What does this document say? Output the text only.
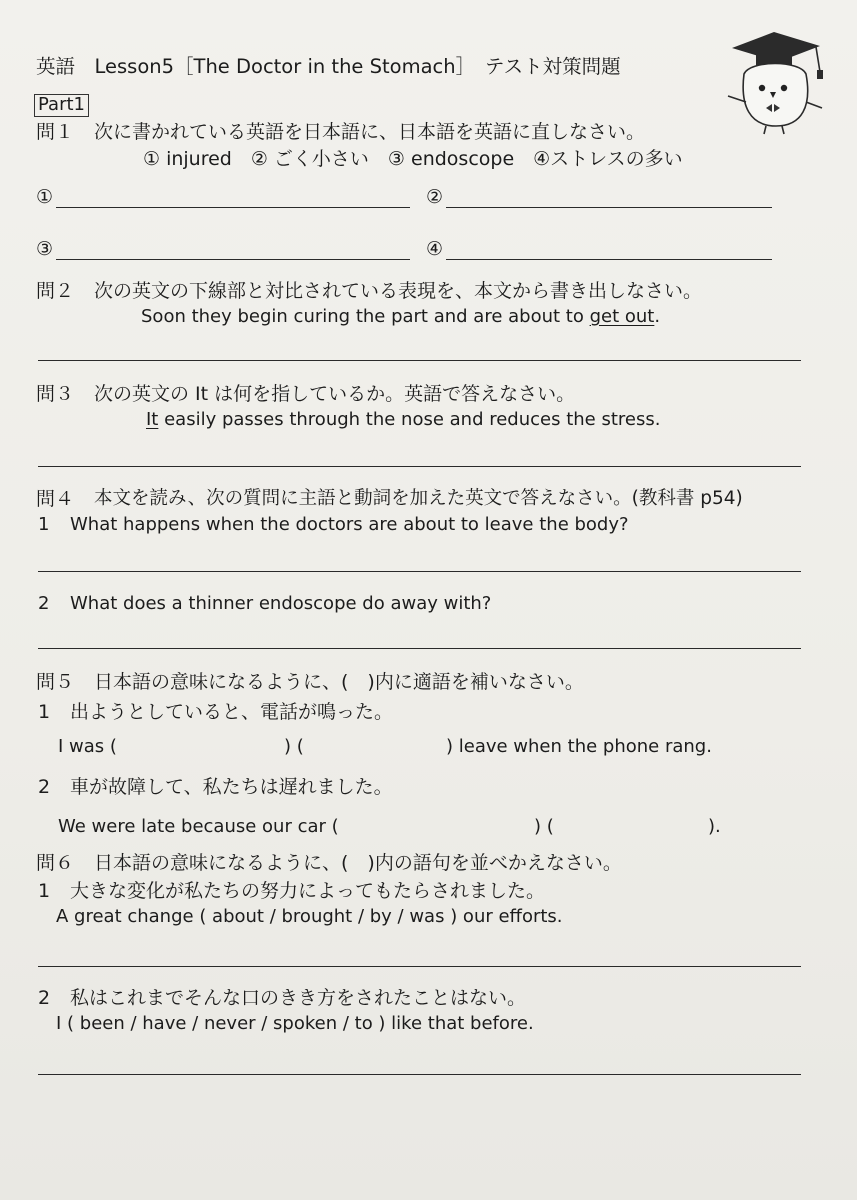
英語　Lesson5［The Doctor in the Stomach］　テスト対策問題
Part1
問１ 次に書かれている英語を日本語に、日本語を英語に直しなさい。
① injured　② ごく小さい　③ endoscope　④ストレスの多い
①	②
③	④
問２ 次の英文の下線部と対比されている表現を、本文から書き出しなさい。
Soon they begin curing the part and are about to get out.
問３ 次の英文の It は何を指しているか。英語で答えなさい。
It easily passes through the nose and reduces the stress.
問４ 本文を読み、次の質問に主語と動詞を加えた英文で答えなさい。(教科書 p54)
1 What happens when the doctors are about to leave the body?
2 What does a thinner endoscope do away with?
問５ 日本語の意味になるように、(　)内に適語を補いなさい。
1 出ようとしていると、電話が鳴った。
I was (	) (	) leave when the phone rang.
2 車が故障して、私たちは遅れました。
We were late because our car (	) (	).
問６ 日本語の意味になるように、(　)内の語句を並べかえなさい。
1 大きな変化が私たちの努力によってもたらされました。
A great change ( about / brought / by / was ) our efforts.
2 私はこれまでそんな口のきき方をされたことはない。
I ( been / have / never / spoken / to ) like that before.
